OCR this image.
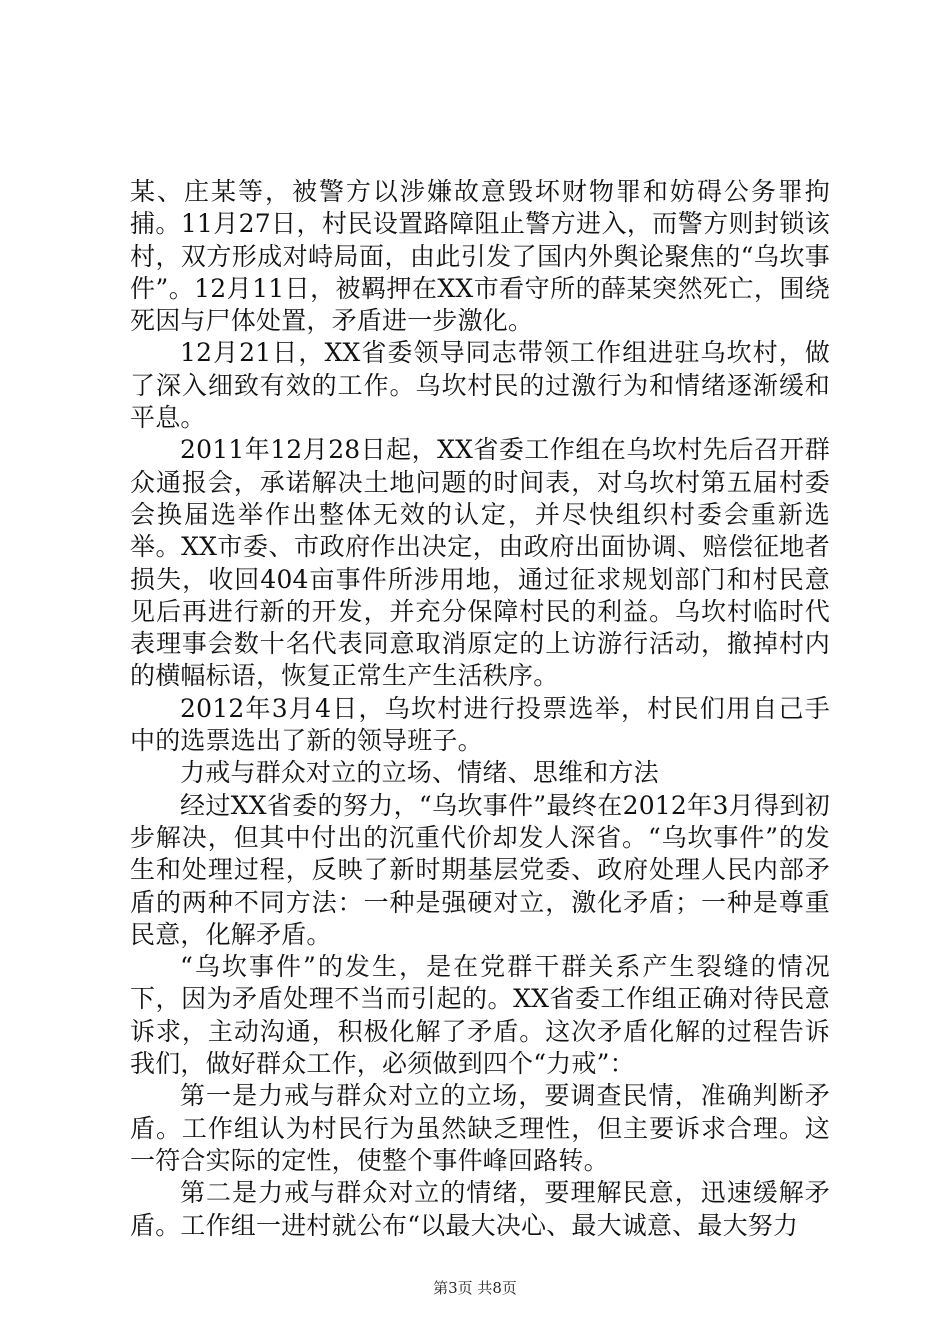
某、庄某等，被警方以涉嫌故意毁坏财物罪和妨碍公务罪拘捕。11月27日，村民设置路障阻止警方进入，而警方则封锁该村，双方形成对峙局面，由此引发了国内外舆论聚焦的“乌坎事件”。12月11日，被羁押在XX市看守所的薛某突然死亡，围绕死因与尸体处置，矛盾进一步激化。

12月21日，XX省委领导同志带领工作组进驻乌坎村，做了深入细致有效的工作。乌坎村民的过激行为和情绪逐渐缓和平息。

2011年12月28日起，XX省委工作组在乌坎村先后召开群众通报会，承诺解决土地问题的时间表，对乌坎村第五届村委会换届选举作出整体无效的认定，并尽快组织村委会重新选举。XX市委、市政府作出决定，由政府出面协调、赔偿征地者损失，收回404亩事件所涉用地，通过征求规划部门和村民意见后再进行新的开发，并充分保障村民的利益。乌坎村临时代表理事会数十名代表同意取消原定的上访游行活动，撤掉村内的横幅标语，恢复正常生产生活秩序。

2012年3月4日，乌坎村进行投票选举，村民们用自己手中的选票选出了新的领导班子。

力戒与群众对立的立场、情绪、思维和方法

经过XX省委的努力，“乌坎事件”最终在2012年3月得到初步解决，但其中付出的沉重代价却发人深省。“乌坎事件”的发生和处理过程，反映了新时期基层党委、政府处理人民内部矛盾的两种不同方法：一种是强硬对立，激化矛盾；一种是尊重民意，化解矛盾。

“乌坎事件”的发生，是在党群干群关系产生裂缝的情况下，因为矛盾处理不当而引起的。XX省委工作组正确对待民意诉求，主动沟通，积极化解了矛盾。这次矛盾化解的过程告诉我们，做好群众工作，必须做到四个“力戒”：

第一是力戒与群众对立的立场，要调查民情，准确判断矛盾。工作组认为村民行为虽然缺乏理性，但主要诉求合理。这一符合实际的定性，使整个事件峰回路转。

第二是力戒与群众对立的情绪，要理解民意，迅速缓解矛盾。工作组一进村就公布“以最大决心、最大诚意、最大努力

第3页 共8页
